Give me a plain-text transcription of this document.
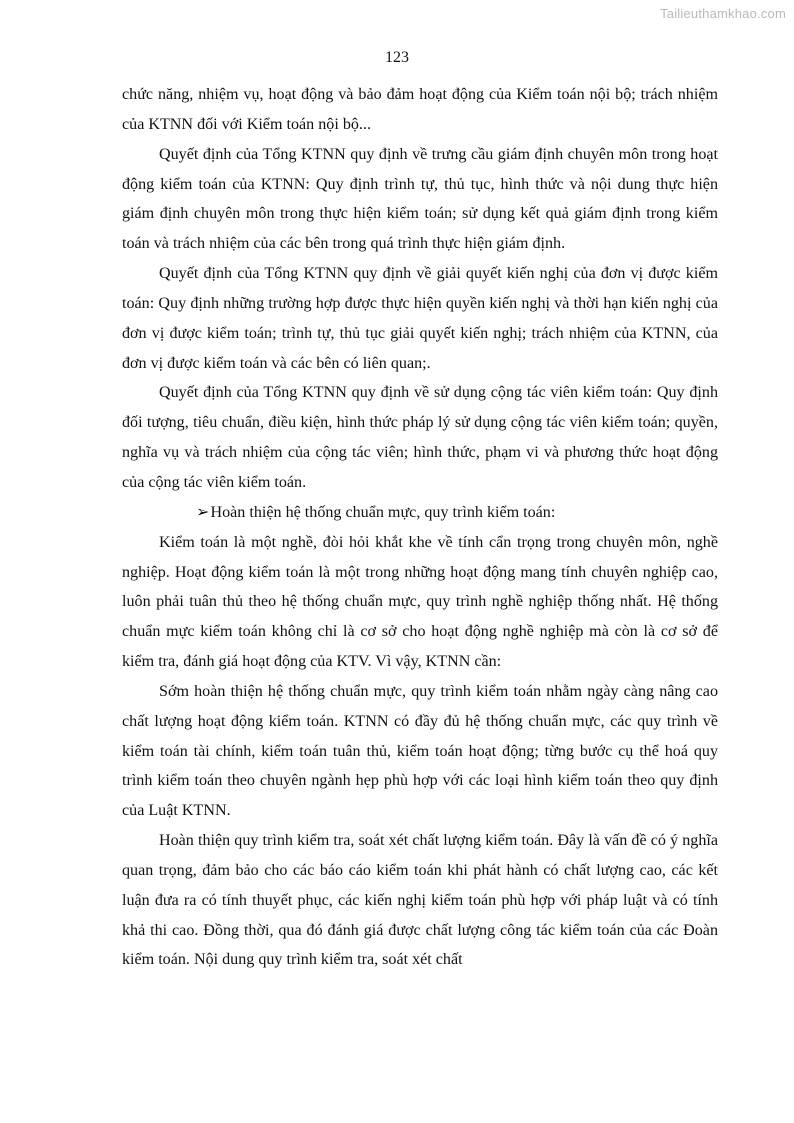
Tailieuthamkhao.com
123

chức năng, nhiệm vụ, hoạt động và bảo đảm hoạt động của Kiểm toán nội bộ; trách nhiệm của KTNN đối với Kiểm toán nội bộ...

Quyết định của Tổng KTNN quy định về trưng cầu giám định chuyên môn trong hoạt động kiểm toán của KTNN: Quy định trình tự, thủ tục, hình thức và nội dung thực hiện giám định chuyên môn trong thực hiện kiểm toán; sử dụng kết quả giám định trong kiểm toán và trách nhiệm của các bên trong quá trình thực hiện giám định.

Quyết định của Tổng KTNN quy định về giải quyết kiến nghị của đơn vị được kiểm toán: Quy định những trường hợp được thực hiện quyền kiến nghị và thời hạn kiến nghị của đơn vị được kiểm toán; trình tự, thủ tục giải quyết kiến nghị; trách nhiệm của KTNN, của đơn vị được kiểm toán và các bên có liên quan;.

Quyết định của Tổng KTNN quy định về sử dụng cộng tác viên kiểm toán: Quy định đối tượng, tiêu chuẩn, điều kiện, hình thức pháp lý sử dụng cộng tác viên kiểm toán; quyền, nghĩa vụ và trách nhiệm của cộng tác viên; hình thức, phạm vi và phương thức hoạt động của cộng tác viên kiểm toán.

➢Hoàn thiện hệ thống chuẩn mực, quy trình kiểm toán:

Kiểm toán là một nghề, đòi hỏi khắt khe về tính cẩn trọng trong chuyên môn, nghề nghiệp. Hoạt động kiểm toán là một trong những hoạt động mang tính chuyên nghiệp cao, luôn phải tuân thủ theo hệ thống chuẩn mực, quy trình nghề nghiệp thống nhất. Hệ thống chuẩn mực kiểm toán không chỉ là cơ sở cho hoạt động nghề nghiệp mà còn là cơ sở để kiểm tra, đánh giá hoạt động của KTV. Vì vậy, KTNN cần:

Sớm hoàn thiện hệ thống chuẩn mực, quy trình kiểm toán nhằm ngày càng nâng cao chất lượng hoạt động kiểm toán. KTNN có đầy đủ hệ thống chuẩn mực, các quy trình về kiểm toán tài chính, kiểm toán tuân thủ, kiểm toán hoạt động; từng bước cụ thể hoá quy trình kiểm toán theo chuyên ngành hẹp phù hợp với các loại hình kiểm toán theo quy định của Luật KTNN.

Hoàn thiện quy trình kiểm tra, soát xét chất lượng kiểm toán. Đây là vấn đề có ý nghĩa quan trọng, đảm bảo cho các báo cáo kiểm toán khi phát hành có chất lượng cao, các kết luận đưa ra có tính thuyết phục, các kiến nghị kiểm toán phù hợp với pháp luật và có tính khả thi cao. Đồng thời, qua đó đánh giá được chất lượng công tác kiểm toán của các Đoàn kiểm toán. Nội dung quy trình kiểm tra, soát xét chất
